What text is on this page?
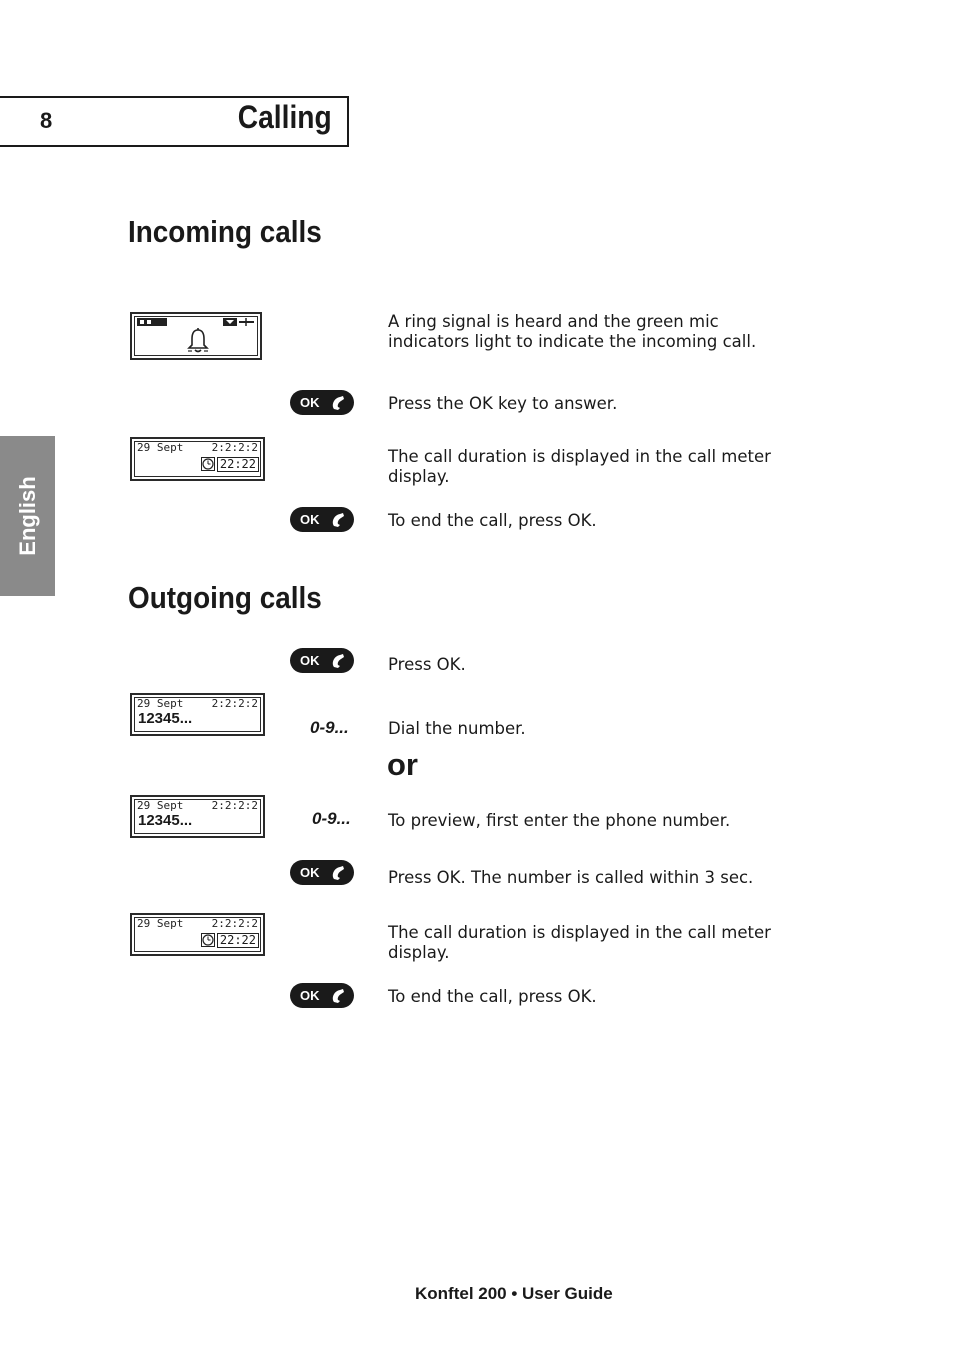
8	Calling
English
Incoming calls
A ring signal is heard and the green mic indicators light to indicate the incoming call.
OK	Press the OK key to answer.
29 Sept	2:2:2:2
22:22	The call duration is displayed in the call meter display.
OK	To end the call, press OK.
Outgoing calls
OK	Press OK.
29 Sept	2:2:2:2
12345...	0-9... Dial the number.
or
29 Sept	2:2:2:2
12345...	0-9... To preview, first enter the phone number.
OK	Press OK. The number is called within 3 sec.
29 Sept	2:2:2:2
22:22	The call duration is displayed in the call meter display.
OK	To end the call, press OK.
Konftel 200 • User Guide
